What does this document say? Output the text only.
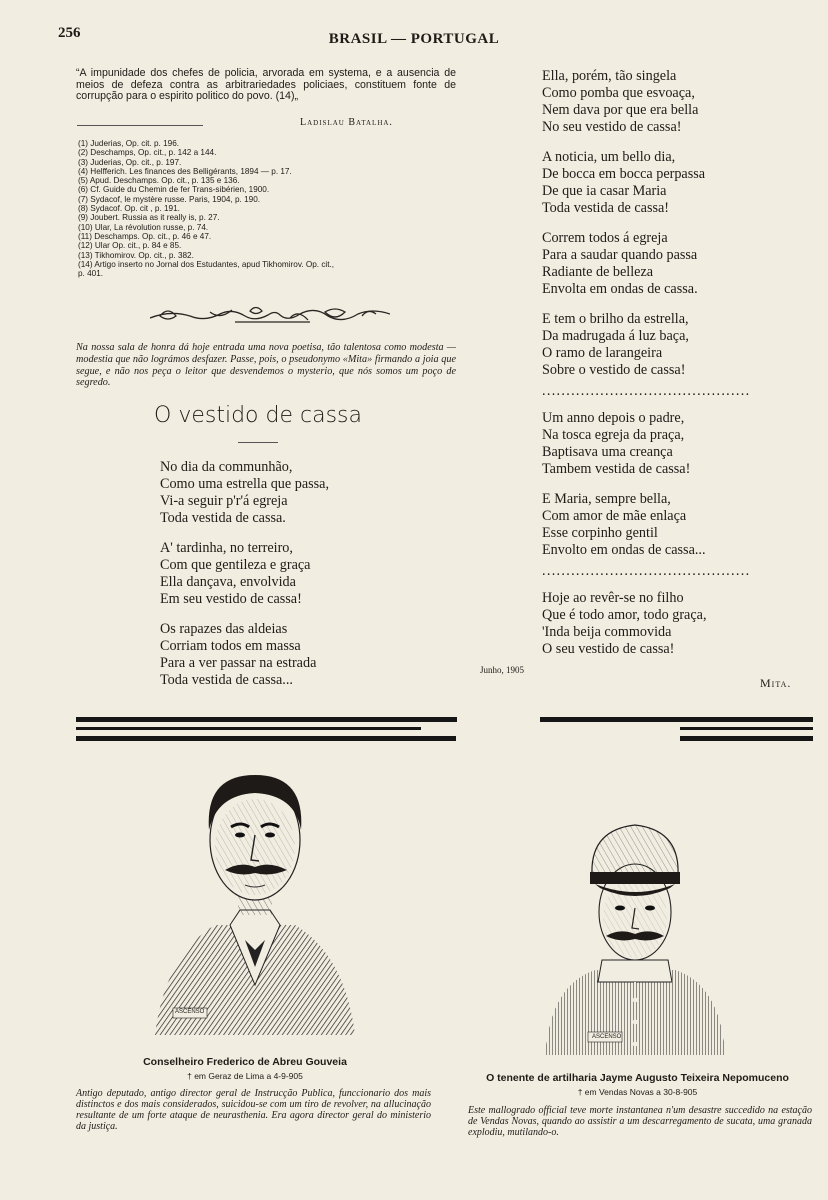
256	BRASIL — PORTUGAL
“A impunidade dos chefes de policia, arvorada em systema, e a ausencia de meios de defeza contra as arbitrariedades policiaes, constituem fonte de corrupção para o espirito politico do povo. (14)„
Ladislau Batalha.
(1) Juderias, Op. cit. p. 196.
(2) Deschamps, Op. cit., p. 142 a 144.
(3) Juderias, Op. cit., p. 197.
(4) Helfferich. Les finances des Belligérants, 1894 — p. 17.
(5) Apud. Deschamps. Op. cit., p. 135 e 136.
(6) Cf. Guide du Chemin de fer Trans-sibérien, 1900.
(7) Sydacof, le mystère russe. Paris, 1904, p. 190.
(8) Sydacof. Op. cit , p. 191.
(9) Joubert. Russia as it really is, p. 27.
(10) Ular, La révolution russe, p. 74.
(11) Deschamps. Op. cit., p. 46 e 47.
(12) Ular Op. cit., p. 84 e 85.
(13) Tikhomirov. Op. cit., p. 382.
(14) Artigo inserto no Jornal dos Estudantes, apud Tikhomirov. Op. cit.,
p. 401.
Na nossa sala de honra dá hoje entrada uma nova poetisa, tão talentosa como modesta — modestia que não lográmos desfazer. Passe, pois, o pseudonymo «Mita» firmando a joia que segue, e não nos peça o leitor que desvendemos o mysterio, que nós somos um poço de segredo.
O vestido de cassa
No dia da communhão,
Como uma estrella que passa,
Vi-a seguir p'r'á egreja
Toda vestida de cassa.
A' tardinha, no terreiro,
Com que gentileza e graça
Ella dançava, envolvida
Em seu vestido de cassa!
Os rapazes das aldeias
Corriam todos em massa
Para a ver passar na estrada
Toda vestida de cassa...
Ella, porém, tão singela
Como pomba que esvoaça,
Nem dava por que era bella
No seu vestido de cassa!
A noticia, um bello dia,
De bocca em bocca perpassa
De que ia casar Maria
Toda vestida de cassa!
Correm todos á egreja
Para a saudar quando passa
Radiante de belleza
Envolta em ondas de cassa.
E tem o brilho da estrella,
Da madrugada á luz baça,
O ramo de larangeira
Sobre o vestido de cassa!
...........................................
Um anno depois o padre,
Na tosca egreja da praça,
Baptisava uma creança
Tambem vestida de cassa!
E Maria, sempre bella,
Com amor de mãe enlaça
Esse corpinho gentil
Envolto em ondas de cassa...
...........................................
Hoje ao revêr-se no filho
Que é todo amor, todo graça,
'Inda beija commovida
O seu vestido de cassa!
Junho, 1905
Mita.
ASCENSO
Conselheiro Frederico de Abreu Gouveia
† em Geraz de Lima a 4-9-905
Antigo deputado, antigo director geral de Instrucção Publica, funccionario dos mais distinctos e dos mais considerados, suicidou-se com um tiro de revolver, na allucinação resultante de um forte ataque de neurasthenia. Era agora director geral do ministerio da justiça.
ASCENSO
O tenente de artilharia Jayme Augusto Teixeira Nepomuceno
† em Vendas Novas a 30-8-905
Este mallogrado official teve morte instantanea n'um desastre succedido na estação de Vendas Novas, quando ao assistir a um descarregamento de sucata, uma granada explodiu, mutilando-o.
